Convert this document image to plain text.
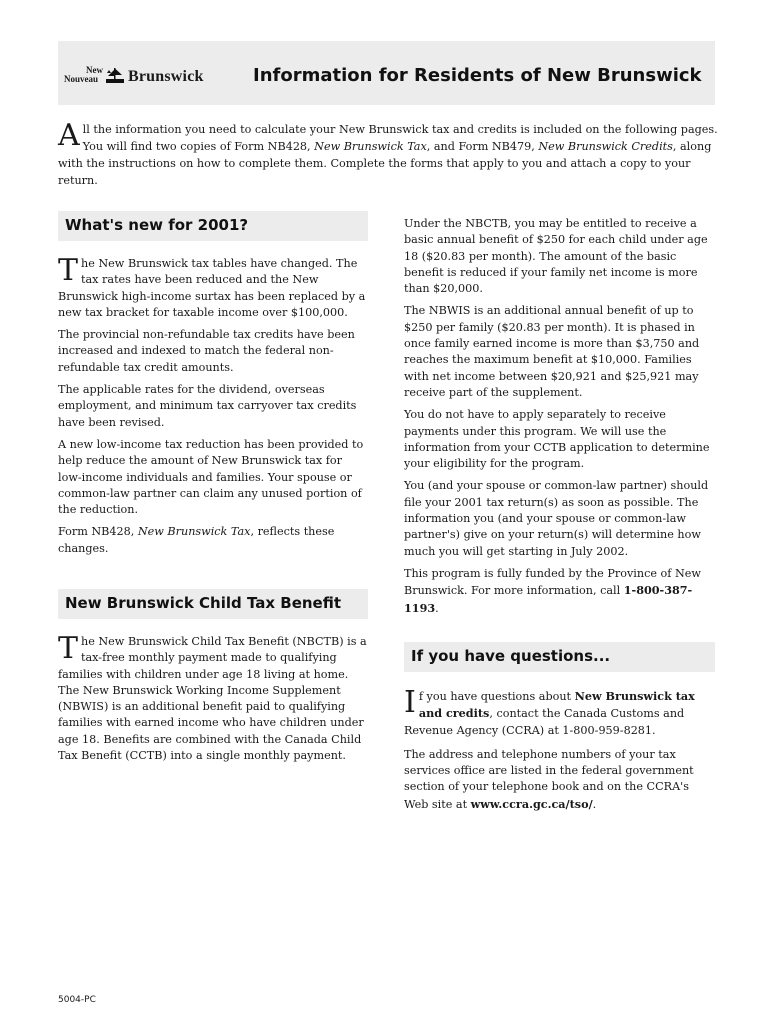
New
Nouveau Brunswick	Information for Residents of New Brunswick

All the information you need to calculate your New Brunswick tax and credits is included on the following pages. You will find two copies of Form NB428, New Brunswick Tax, and Form NB479, New Brunswick Credits, along with the instructions on how to complete them. Complete the forms that apply to you and attach a copy to your return.

What's new for 2001?

The New Brunswick tax tables have changed. The tax rates have been reduced and the New Brunswick high-income surtax has been replaced by a new tax bracket for taxable income over $100,000.

The provincial non-refundable tax credits have been increased and indexed to match the federal non-refundable tax credit amounts.

The applicable rates for the dividend, overseas employment, and minimum tax carryover tax credits have been revised.

A new low-income tax reduction has been provided to help reduce the amount of New Brunswick tax for low-income individuals and families. Your spouse or common-law partner can claim any unused portion of the reduction.

Form NB428, New Brunswick Tax, reflects these changes.

New Brunswick Child Tax Benefit

The New Brunswick Child Tax Benefit (NBCTB) is a tax-free monthly payment made to qualifying families with children under age 18 living at home. The New Brunswick Working Income Supplement (NBWIS) is an additional benefit paid to qualifying families with earned income who have children under age 18. Benefits are combined with the Canada Child Tax Benefit (CCTB) into a single monthly payment.

Under the NBCTB, you may be entitled to receive a basic annual benefit of $250 for each child under age 18 ($20.83 per month). The amount of the basic benefit is reduced if your family net income is more than $20,000.

The NBWIS is an additional annual benefit of up to $250 per family ($20.83 per month). It is phased in once family earned income is more than $3,750 and reaches the maximum benefit at $10,000. Families with net income between $20,921 and $25,921 may receive part of the supplement.

You do not have to apply separately to receive payments under this program. We will use the information from your CCTB application to determine your eligibility for the program.

You (and your spouse or common-law partner) should file your 2001 tax return(s) as soon as possible. The information you (and your spouse or common-law partner's) give on your return(s) will determine how much you will get starting in July 2002.

This program is fully funded by the Province of New Brunswick. For more information, call 1-800-387-1193.

If you have questions...

If you have questions about New Brunswick tax and credits, contact the Canada Customs and Revenue Agency (CCRA) at 1-800-959-8281.

The address and telephone numbers of your tax services office are listed in the federal government section of your telephone book and on the CCRA's Web site at www.ccra.gc.ca/tso/.

5004-PC
